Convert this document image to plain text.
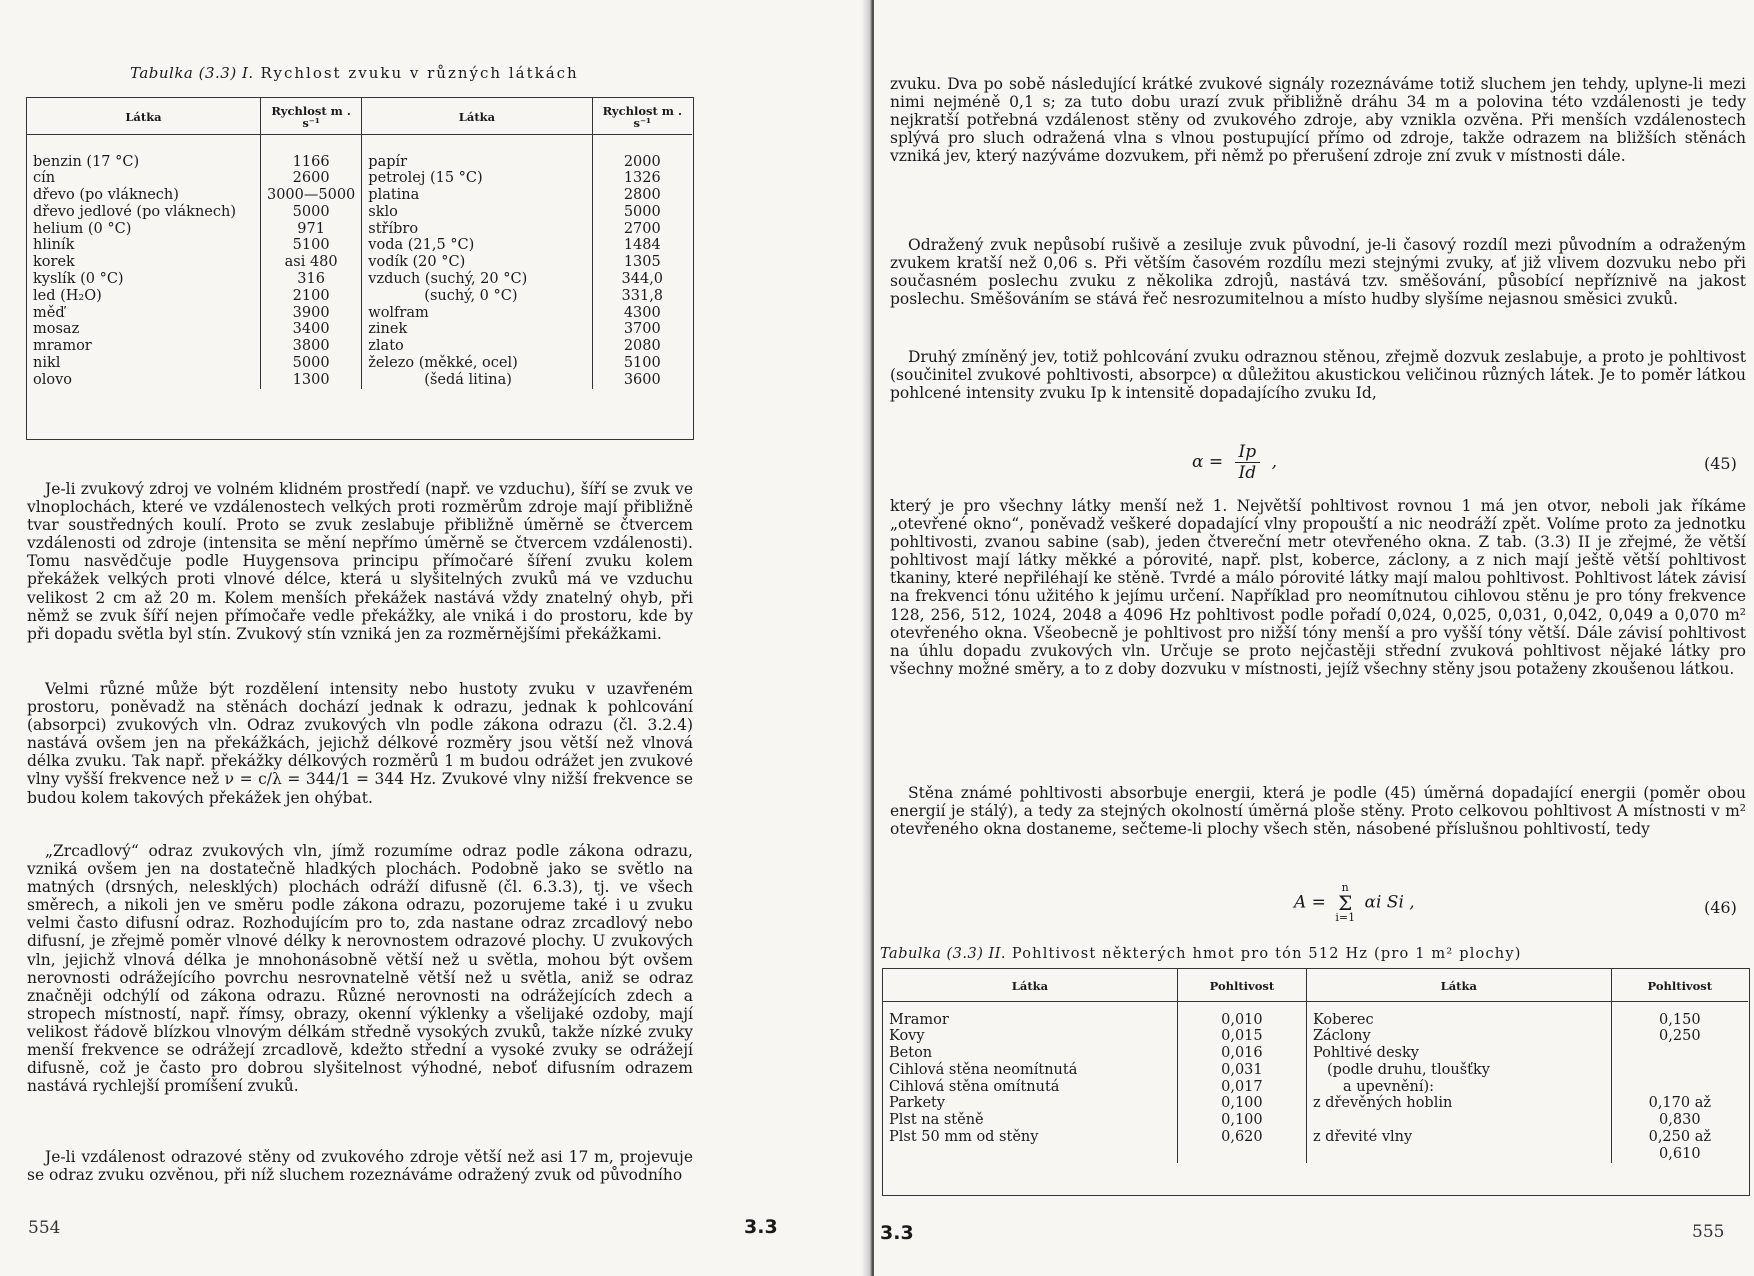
Tabulka (3.3) I. Rychlost zvuku v různých látkách
Látka	Rychlost m . s⁻¹	Látka	Rychlost m . s⁻¹

benzin (17 °C)	1166	papír	2000
cín	2600	petrolej (15 °C)	1326
dřevo (po vláknech)	3000—5000	platina	2800
dřevo jedlové (po vláknech)	5000	sklo	5000
helium (0 °C)	971	stříbro	2700
hliník	5100	voda (21,5 °C)	1484
korek	asi 480	vodík (20 °C)	1305
kyslík (0 °C)	316	vzduch (suchý, 20 °C)	344,0
led (H₂O)	2100	(suchý, 0 °C)	331,8
měď	3900	wolfram	4300
mosaz	3400	zinek	3700
mramor	3800	zlato	2080
nikl	5000	železo (měkké, ocel)	5100
olovo	1300	(šedá litina)	3600

Je-li zvukový zdroj ve volném klidném prostředí (např. ve vzduchu), šíří se zvuk ve vlnoplochách, které ve vzdálenostech velkých proti rozměrům zdroje mají přibližně tvar soustředných koulí. Proto se zvuk zeslabuje přibližně úměrně se čtvercem vzdálenosti od zdroje (intensita se mění nepřímo úměrně se čtvercem vzdálenosti). Tomu nasvědčuje podle Huygensova principu přímočaré šíření zvuku kolem překážek velkých proti vlnové délce, která u slyšitelných zvuků má ve vzduchu velikost 2 cm až 20 m. Kolem menších překážek nastává vždy znatelný ohyb, při němž se zvuk šíří nejen přímočaře vedle překážky, ale vniká i do prostoru, kde by při dopadu světla byl stín. Zvukový stín vzniká jen za rozměrnějšími překážkami.

Velmi různé může být rozdělení intensity nebo hustoty zvuku v uzavřeném prostoru, poněvadž na stěnách dochází jednak k odrazu, jednak k pohlcování (absorpci) zvukových vln. Odraz zvukových vln podle zákona odrazu (čl. 3.2.4) nastává ovšem jen na překážkách, jejichž délkové rozměry jsou větší než vlnová délka zvuku. Tak např. překážky délkových rozměrů 1 m budou odrážet jen zvukové vlny vyšší frekvence než ν = c/λ = 344/1 = 344 Hz. Zvukové vlny nižší frekvence se budou kolem takových překážek jen ohýbat.

„Zrcadlový“ odraz zvukových vln, jímž rozumíme odraz podle zákona odrazu, vzniká ovšem jen na dostatečně hladkých plochách. Podobně jako se světlo na matných (drsných, neleskl‍ých) plochách odráží difusně (čl. 6.3.3), tj. ve všech směrech, a nikoli jen ve směru podle zákona odrazu, pozorujeme také i u zvuku velmi často difusní odraz. Rozhodujícím pro to, zda nastane odraz zrcadlový nebo difusní, je zřejmě poměr vlnové délky k nerovnostem odrazové plochy. U zvukových vln, jejichž vlnová délka je mnohonásobně větší než u světla, mohou být ovšem nerovnosti odrážejícího povrchu nesrovnatelně větší než u světla, aniž se odraz značněji odchýlí od zákona odrazu. Různé nerovnosti na odrážejících zdech a stropech místností, např. římsy, obrazy, okenní výklenky a všelijaké ozdoby, mají velikost řádově blízkou vlnovým délkám středně vysokých zvuků, takže nízké zvuky menší frekvence se odrážejí zrcadlově, kdežto střední a vysoké zvuky se odrážejí difusně, což je často pro dobrou slyšitelnost výhodné, neboť difusním odrazem nastává rychlejší promíšení zvuků.

Je-li vzdálenost odrazové stěny od zvukového zdroje větší než asi 17 m, projevuje se odraz zvuku ozvěnou, při níž sluchem rozeznáváme odražený zvuk od původního

554	3.3

zvuku. Dva po sobě následující krátké zvukové signály rozeznáváme totiž sluchem jen tehdy, uplyne-li mezi nimi nejméně 0,1 s; za tuto dobu urazí zvuk přibližně dráhu 34 m a polovina této vzdálenosti je tedy nejkratší potřebná vzdálenost stěny od zvukového zdroje, aby vznikla ozvěna. Při menších vzdálenostech splývá pro sluch odražená vlna s vlnou postupující přímo od zdroje, takže odrazem na bližších stěnách vzniká jev, který nazýváme dozvukem, při němž po přerušení zdroje zní zvuk v místnosti dále.

Odražený zvuk nepůsobí rušivě a zesiluje zvuk původní, je-li časový rozdíl mezi původním a odraženým zvukem kratší než 0,06 s. Při větším časovém rozdílu mezi stejnými zvuky, ať již vlivem dozvuku nebo při současném poslechu zvuku z několika zdrojů, nastává tzv. směšování, působící nepříznivě na jakost poslechu. Směšováním se stává řeč nesrozumitelnou a místo hudby slyšíme nejasnou směsici zvuků.

Druhý zmíněný jev, totiž pohlcování zvuku odraznou stěnou, zřejmě dozvuk zeslabuje, a proto je pohltivost (součinitel zvukové pohltivosti, absorpce) α důležitou akustickou veličinou různých látek. Je to poměr látkou pohlcené intensity zvuku Ip k intensitě dopadajícího zvuku Id,

$\alpha = \frac{Ip}{Id}$ ,	(45)

který je pro všechny látky menší než 1. Největší pohltivost rovnou 1 má jen otvor, neboli jak říkáme „otevřené okno“, poněvadž veškeré dopadající vlny propouští a nic neodráží zpět. Volíme proto za jednotku pohltivosti, zvanou sabine (sab), jeden čtvereční metr otevřeného okna. Z tab. (3.3) II je zřejmé, že větší pohltivost mají látky měkké a pórovité, např. plst, koberce, záclony, a z nich mají ještě větší pohltivost tkaniny, které nepřiléhají ke stěně. Tvrdé a málo pórovité látky mají malou pohltivost. Pohltivost látek závisí na frekvenci tónu užitého k jejímu určení. Například pro neomítnutou cihlovou stěnu je pro tóny frekvence 128, 256, 512, 1024, 2048 a 4096 Hz pohltivost podle pořadí 0,024, 0,025, 0,031, 0,042, 0,049 a 0,070 m² otevřeného okna. Všeobecně je pohltivost pro nižší tóny menší a pro vyšší tóny větší. Dále závisí pohltivost na úhlu dopadu zvukových vln. Určuje se proto nejčastěji střední zvuková pohltivost nějaké látky pro všechny možné směry, a to z doby dozvuku v místnosti, jejíž všechny stěny jsou potaženy zkoušenou látkou.

Stěna známé pohltivosti absorbuje energii, která je podle (45) úměrná dopadající energii (poměr obou energií je stálý), a tedy za stejných okolností úměrná ploše stěny. Proto celkovou pohltivost A místnosti v m² otevřeného okna dostaneme, sečteme-li plochy všech stěn, násobené příslušnou pohltivostí, tedy

A =
n
Σ
i=1
αi Si ,	(46)
Tabulka (3.3) II. Pohltivost některých hmot pro tón 512 Hz (pro 1 m² plochy)
Látka	Pohltivost	Látka	Pohltivost

Mramor	0,010	Koberec	0,150
Kovy	0,015	Záclony	0,250
Beton	0,016	Pohltivé desky	
Cihlová stěna neomítnutá	0,031	(podle druhu, tloušťky	
Cihlová stěna omítnutá	0,017	a upevnění):	
Parkety	0,100	z dřevěných hoblin	0,170 až
Plst na stěně	0,100		0,830
Plst 50 mm od stěny	0,620	z dřevité vlny	0,250 až
			0,610
3.3	555
